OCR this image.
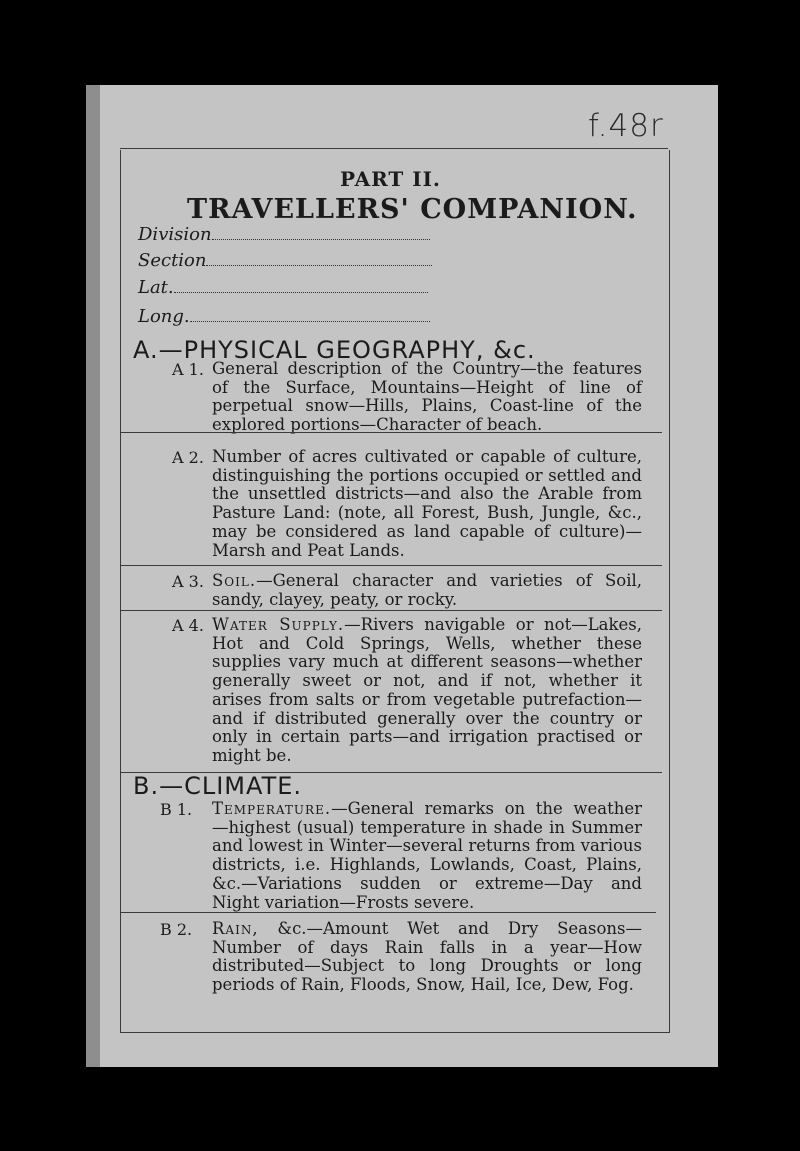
f.48r
PART II.
TRAVELLERS' COMPANION.
Division
Section
Lat.
Long.
A.—PHYSICAL GEOGRAPHY, &c.
A 1. General description of the Country—the features of the Surface, Mountains—Height of line of perpetual snow—Hills, Plains, Coast-line of the explored portions—Character of beach.
A 2. Number of acres cultivated or capable of culture, distinguishing the portions occupied or settled and the unsettled districts—and also the Arable from Pasture Land: (note, all Forest, Bush, Jungle, &c., may be considered as land capable of culture)—Marsh and Peat Lands.
A 3. Soil.—General character and varieties of Soil, sandy, clayey, peaty, or rocky.
A 4. Water Supply.—Rivers navigable or not—Lakes, Hot and Cold Springs, Wells, whether these supplies vary much at different seasons—whether generally sweet or not, and if not, whether it arises from salts or from vegetable putrefaction—and if distributed generally over the country or only in certain parts—and irrigation practised or might be.
B.—CLIMATE.
B 1. Temperature.—General remarks on the weather —highest (usual) temperature in shade in Summer and lowest in Winter—several returns from various districts, i.e. Highlands, Lowlands, Coast, Plains, &c.—Variations sudden or extreme—Day and Night variation—Frosts severe.
B 2. Rain, &c.—Amount Wet and Dry Seasons—Number of days Rain falls in a year—How distributed—Subject to long Droughts or long periods of Rain, Floods, Snow, Hail, Ice, Dew, Fog.
